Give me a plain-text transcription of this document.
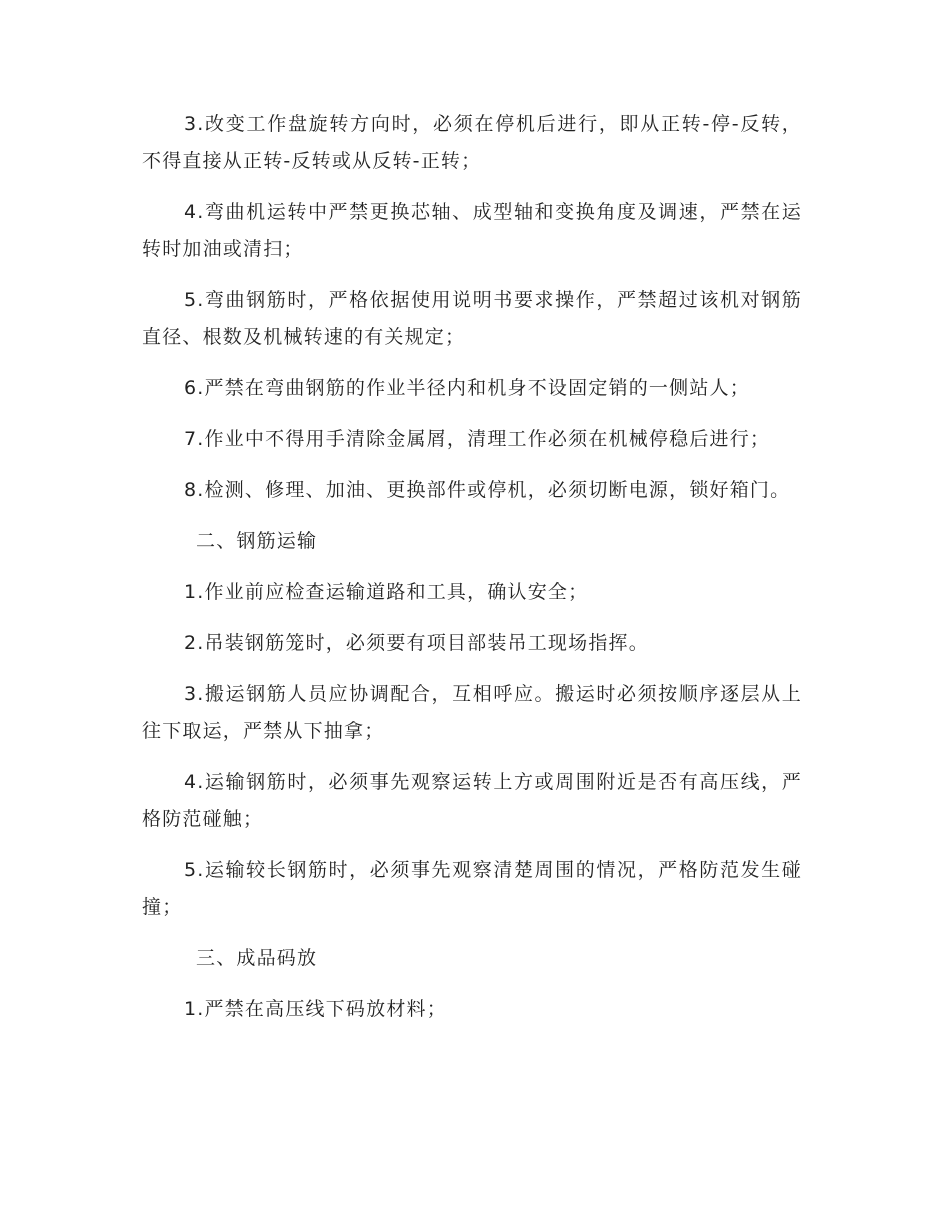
3.改变工作盘旋转方向时，必须在停机后进行，即从正转-停-反转，不得直接从正转-反转或从反转-正转；

4.弯曲机运转中严禁更换芯轴、成型轴和变换角度及调速，严禁在运转时加油或清扫；

5.弯曲钢筋时，严格依据使用说明书要求操作，严禁超过该机对钢筋直径、根数及机械转速的有关规定；

6.严禁在弯曲钢筋的作业半径内和机身不设固定销的一侧站人；

7.作业中不得用手清除金属屑，清理工作必须在机械停稳后进行；

8.检测、修理、加油、更换部件或停机，必须切断电源，锁好箱门。

二、钢筋运输

1.作业前应检查运输道路和工具，确认安全；

2.吊装钢筋笼时，必须要有项目部装吊工现场指挥。

3.搬运钢筋人员应协调配合，互相呼应。搬运时必须按顺序逐层从上往下取运，严禁从下抽拿；

4.运输钢筋时，必须事先观察运转上方或周围附近是否有高压线，严格防范碰触；

5.运输较长钢筋时，必须事先观察清楚周围的情况，严格防范发生碰撞；

三、成品码放

1.严禁在高压线下码放材料；
